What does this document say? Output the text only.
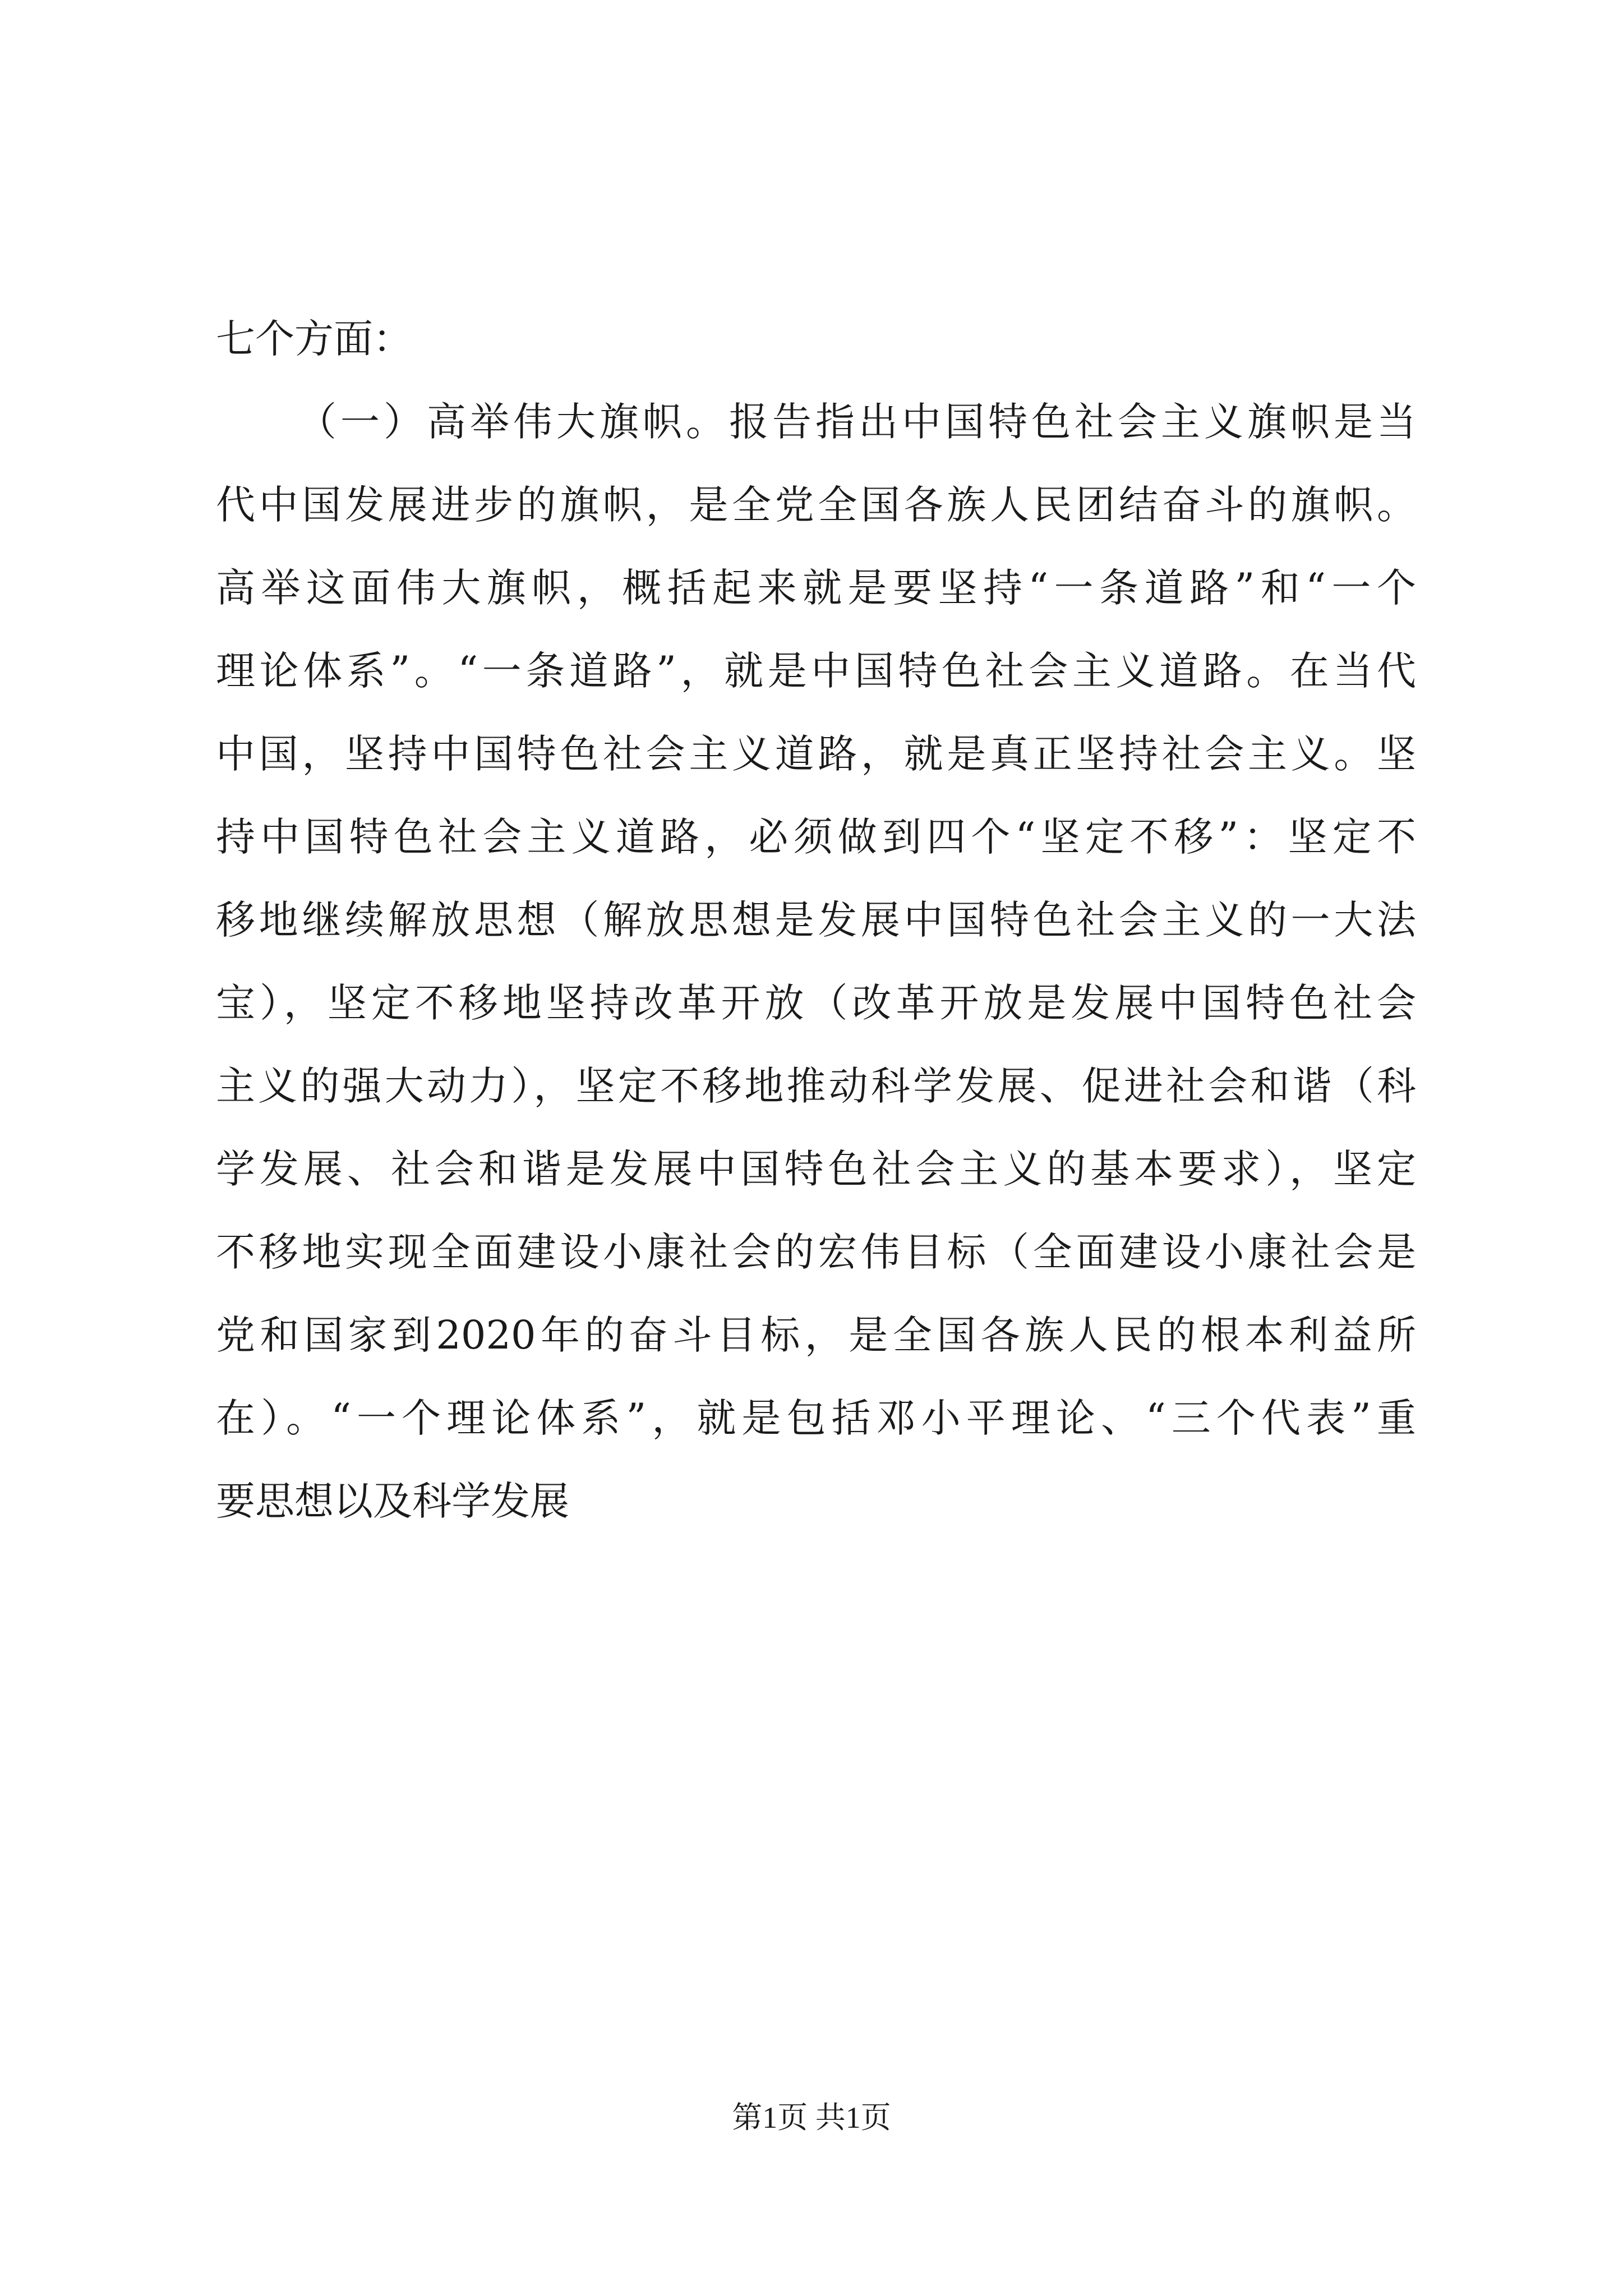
七个方面：
（一）高举伟大旗帜。报告指出中国特色社会主义旗帜是当
代中国发展进步的旗帜，是全党全国各族人民团结奋斗的旗帜。
高举这面伟大旗帜，概括起来就是要坚持“一条道路”和“一个
理论体系”。“一条道路”，就是中国特色社会主义道路。在当代
中国，坚持中国特色社会主义道路，就是真正坚持社会主义。坚
持中国特色社会主义道路，必须做到四个“坚定不移”：坚定不
移地继续解放思想（解放思想是发展中国特色社会主义的一大法
宝），坚定不移地坚持改革开放（改革开放是发展中国特色社会
主义的强大动力），坚定不移地推动科学发展、促进社会和谐（科
学发展、社会和谐是发展中国特色社会主义的基本要求），坚定
不移地实现全面建设小康社会的宏伟目标（全面建设小康社会是
党和国家到2020年的奋斗目标，是全国各族人民的根本利益所
在）。“一个理论体系”，就是包括邓小平理论、“三个代表”重
要思想以及科学发展
第1页 共1页
